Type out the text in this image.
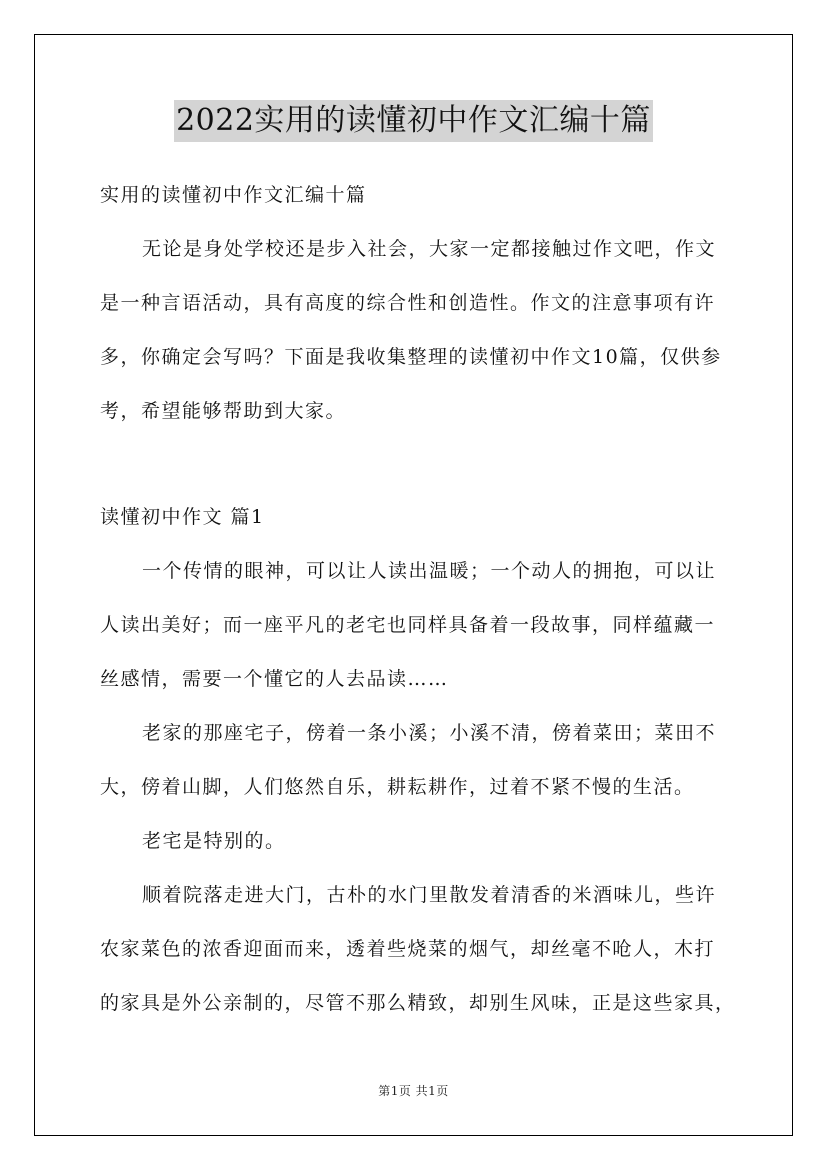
2022实用的读懂初中作文汇编十篇

实用的读懂初中作文汇编十篇

无论是身处学校还是步入社会，大家一定都接触过作文吧，作文
是一种言语活动，具有高度的综合性和创造性。作文的注意事项有许
多，你确定会写吗？下面是我收集整理的读懂初中作文10篇，仅供参
考，希望能够帮助到大家。

读懂初中作文 篇1

一个传情的眼神，可以让人读出温暖；一个动人的拥抱，可以让
人读出美好；而一座平凡的老宅也同样具备着一段故事，同样蕴藏一
丝感情，需要一个懂它的人去品读……

老家的那座宅子，傍着一条小溪；小溪不清，傍着菜田；菜田不
大，傍着山脚，人们悠然自乐，耕耘耕作，过着不紧不慢的生活。

老宅是特别的。

顺着院落走进大门，古朴的水门里散发着清香的米酒味儿，些许
农家菜色的浓香迎面而来，透着些烧菜的烟气，却丝毫不呛人，木打
的家具是外公亲制的，尽管不那么精致，却别生风味，正是这些家具，

第1页 共1页
